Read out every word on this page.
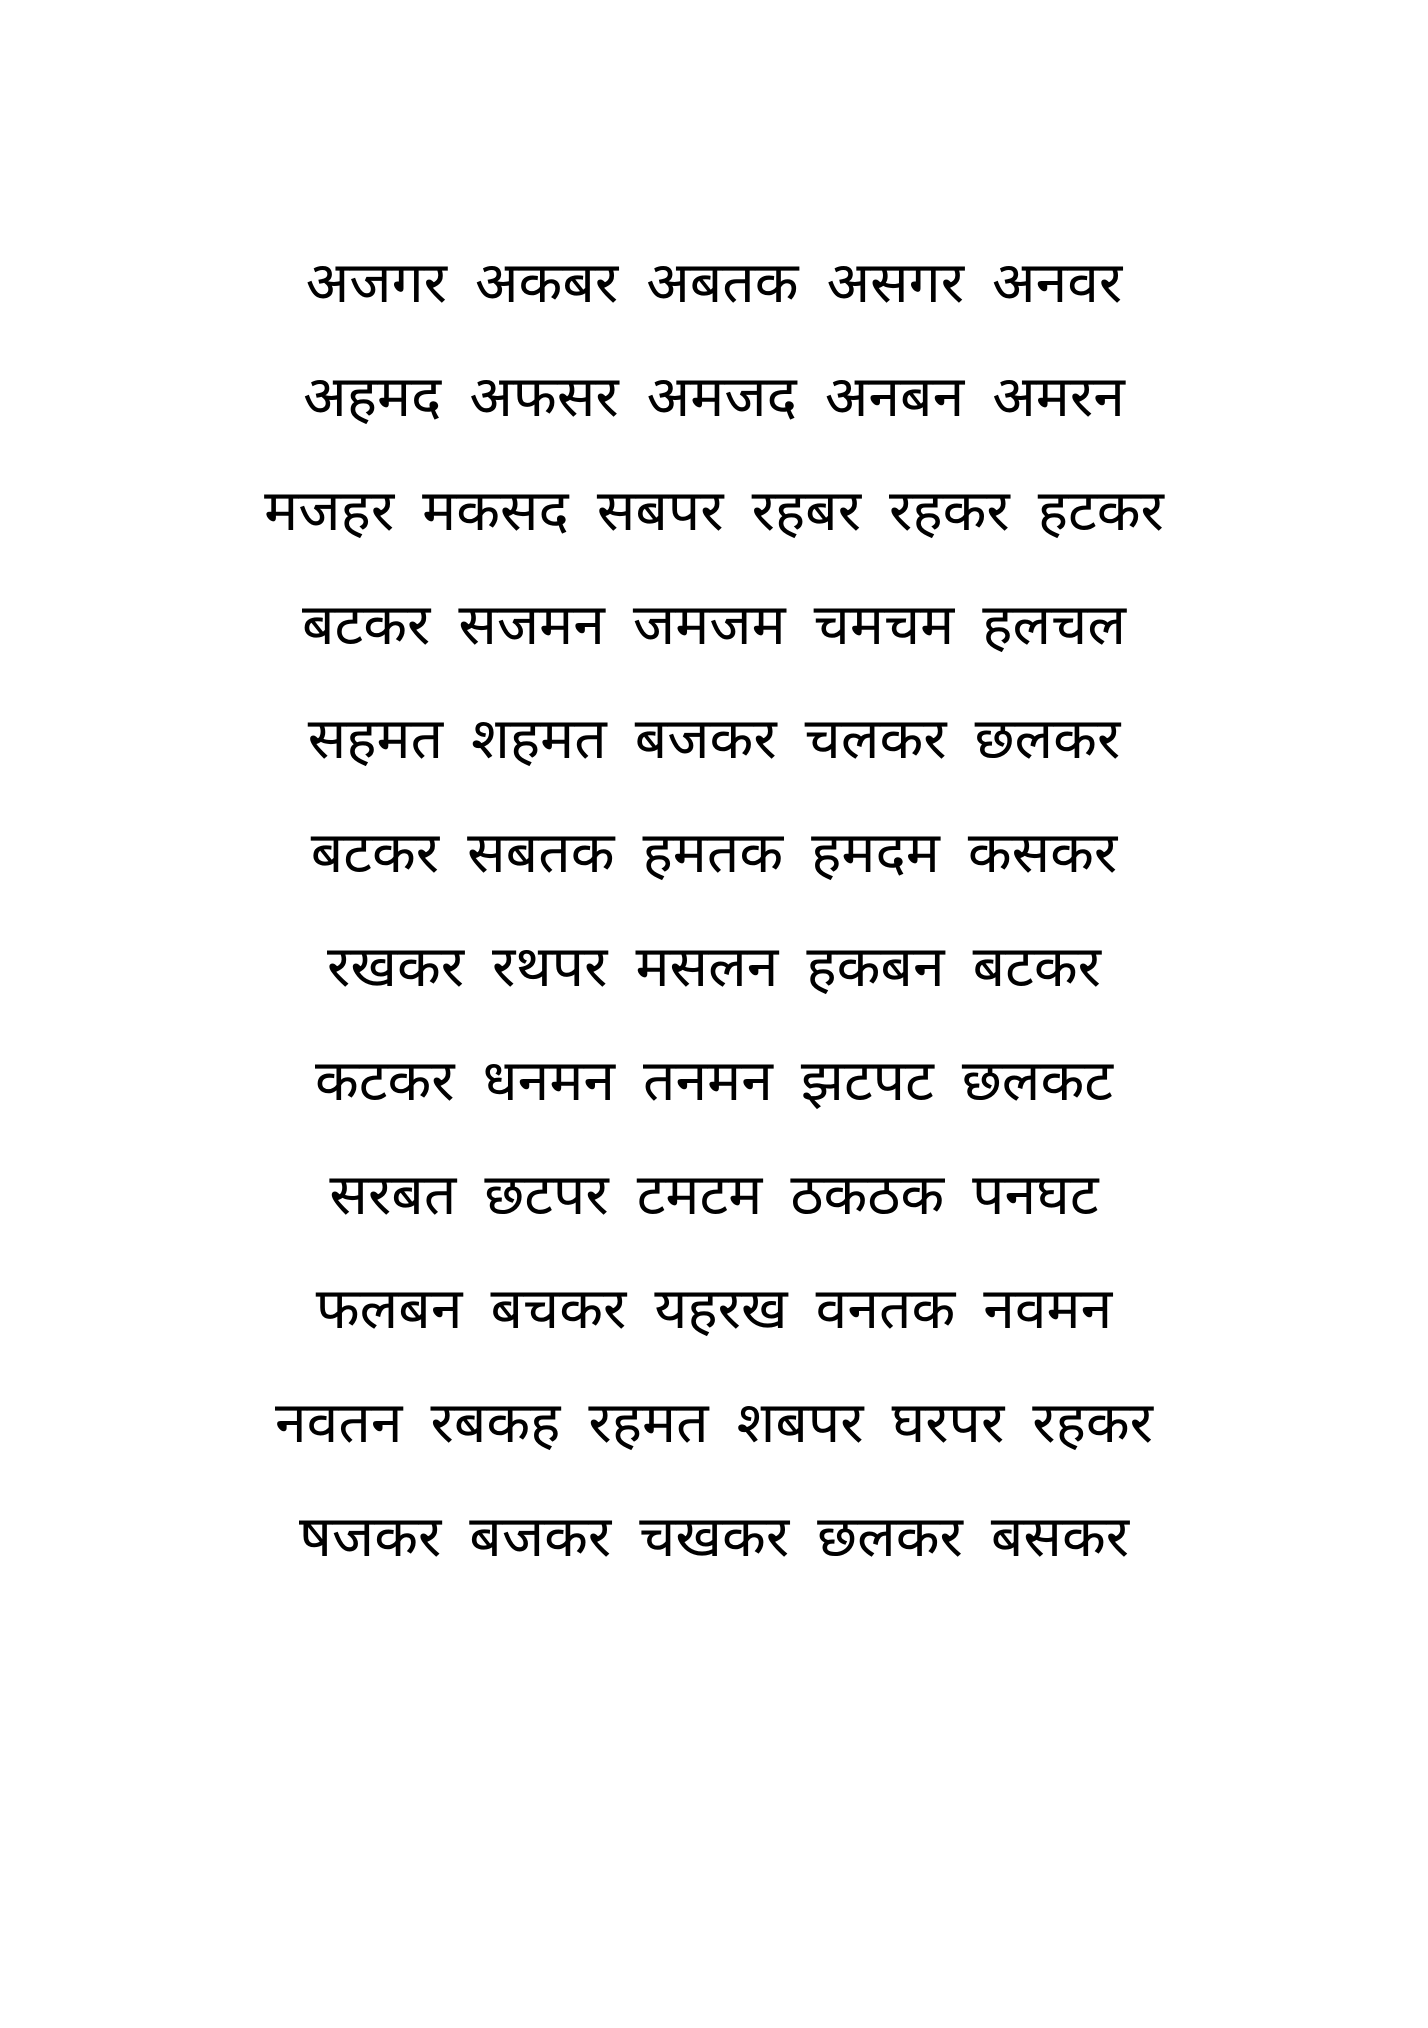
अजगर अकबर अबतक असगर अनवर
अहमद अफसर अमजद अनबन अमरन
मजहर मकसद सबपर रहबर रहकर हटकर
बटकर सजमन जमजम चमचम हलचल
सहमत शहमत बजकर चलकर छलकर
बटकर सबतक हमतक हमदम कसकर
रखकर रथपर मसलन हकबन बटकर
कटकर धनमन तनमन झटपट छलकट
सरबत छटपर टमटम ठकठक पनघट
फलबन बचकर यहरख वनतक नवमन
नवतन रबकह रहमत शबपर घरपर रहकर
षजकर बजकर चखकर छलकर बसकर
